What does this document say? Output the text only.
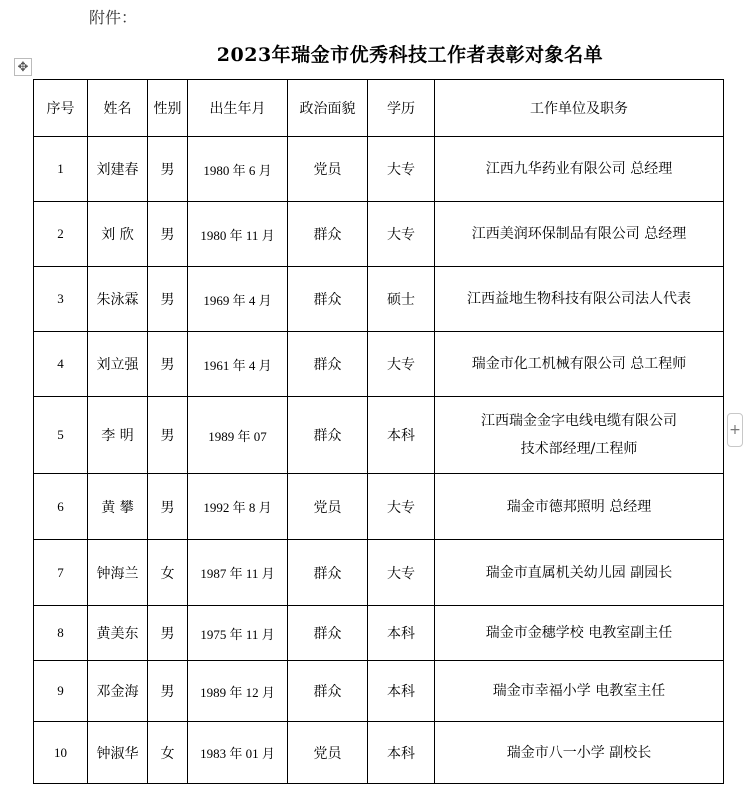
附件：
✥
2023年瑞金市优秀科技工作者表彰对象名单
序号	姓名	性别	出生年月	政治面貌	学历	工作单位及职务
1	刘建春	男	1980 年 6 月	党员	大专	江西九华药业有限公司 总经理

2	刘 欣	男	1980 年 11 月	群众	大专	江西美润环保制品有限公司 总经理

3	朱泳霖	男	1969 年 4 月	群众	硕士	江西益地生物科技有限公司法人代表

4	刘立强	男	1961 年 4 月	群众	大专	瑞金市化工机械有限公司 总工程师

5	李 明	男	1989 年 07	群众	本科	江西瑞金金字电线电缆有限公司
技术部经理/工程师

6	黄 攀	男	1992 年 8 月	党员	大专	瑞金市德邦照明 总经理

7	钟海兰	女	1987 年 11 月	群众	大专	瑞金市直属机关幼儿园 副园长

8	黄美东	男	1975 年 11 月	群众	本科	瑞金市金穗学校 电教室副主任

9	邓金海	男	1989 年 12 月	群众	本科	瑞金市幸福小学 电教室主任

10	钟淑华	女	1983 年 01 月	党员	本科	瑞金市八一小学 副校长
+
